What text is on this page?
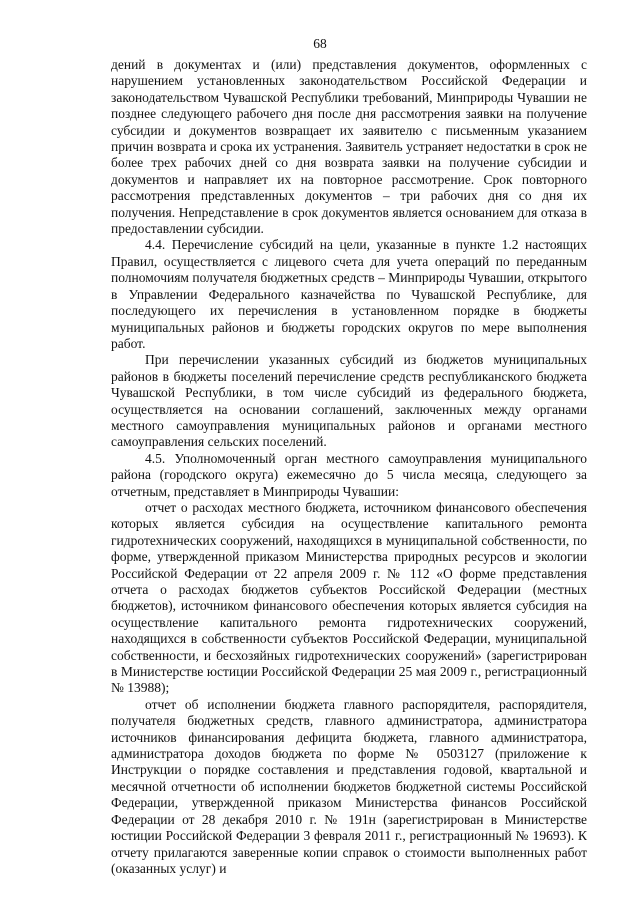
68

дений в документах и (или) представления документов, оформленных с нарушением установленных законодательством Российской Федерации и законодательством Чувашской Республики требований, Минприроды Чувашии не позднее следующего рабочего дня после дня рассмотрения заявки на получение субсидии и документов возвращает их заявителю с письменным указанием причин возврата и срока их устранения. Заявитель устраняет недостатки в срок не более трех рабочих дней со дня возврата заявки на получение субсидии и документов и направляет их на повторное рассмотрение. Срок повторного рассмотрения представленных документов – три рабочих дня со дня их получения. Непредставление в срок документов является основанием для отказа в предоставлении субсидии.

4.4. Перечисление субсидий на цели, указанные в пункте 1.2 настоящих Правил, осуществляется с лицевого счета для учета операций по переданным полномочиям получателя бюджетных средств – Минприроды Чувашии, открытого в Управлении Федерального казначейства по Чувашской Республике, для последующего их перечисления в установленном порядке в бюджеты муниципальных районов и бюджеты городских округов по мере выполнения работ.

При перечислении указанных субсидий из бюджетов муниципальных районов в бюджеты поселений перечисление средств республиканского бюджета Чувашской Республики, в том числе субсидий из федерального бюджета, осуществляется на основании соглашений, заключенных между органами местного самоуправления муниципальных районов и органами местного самоуправления сельских поселений.

4.5. Уполномоченный орган местного самоуправления муниципального района (городского округа) ежемесячно до 5 числа месяца, следующего за отчетным, представляет в Минприроды Чувашии:

отчет о расходах местного бюджета, источником финансового обеспечения которых является субсидия на осуществление капитального ремонта гидротехнических сооружений, находящихся в муниципальной собственности, по форме, утвержденной приказом Министерства природных ресурсов и экологии Российской Федерации от 22 апреля 2009 г. № 112 «О форме представления отчета о расходах бюджетов субъектов Российской Федерации (местных бюджетов), источником финансового обеспечения которых является субсидия на осуществление капитального ремонта гидротехнических сооружений, находящихся в собственности субъектов Российской Федерации, муниципальной собственности, и бесхозяйных гидротехнических сооружений» (зарегистрирован в Министерстве юстиции Российской Федерации 25 мая 2009 г., регистрационный № 13988);

отчет об исполнении бюджета главного распорядителя, распорядителя, получателя бюджетных средств, главного администратора, администратора источников финансирования дефицита бюджета, главного администратора, администратора доходов бюджета по форме № 0503127 (приложение к Инструкции о порядке составления и представления годовой, квартальной и месячной отчетности об исполнении бюджетов бюджетной системы Российской Федерации, утвержденной приказом Министерства финансов Российской Федерации от 28 декабря 2010 г. № 191н (зарегистрирован в Министерстве юстиции Российской Федерации 3 февраля 2011 г., регистрационный № 19693). К отчету прилагаются заверенные копии справок о стоимости выполненных работ (оказанных услуг) и
